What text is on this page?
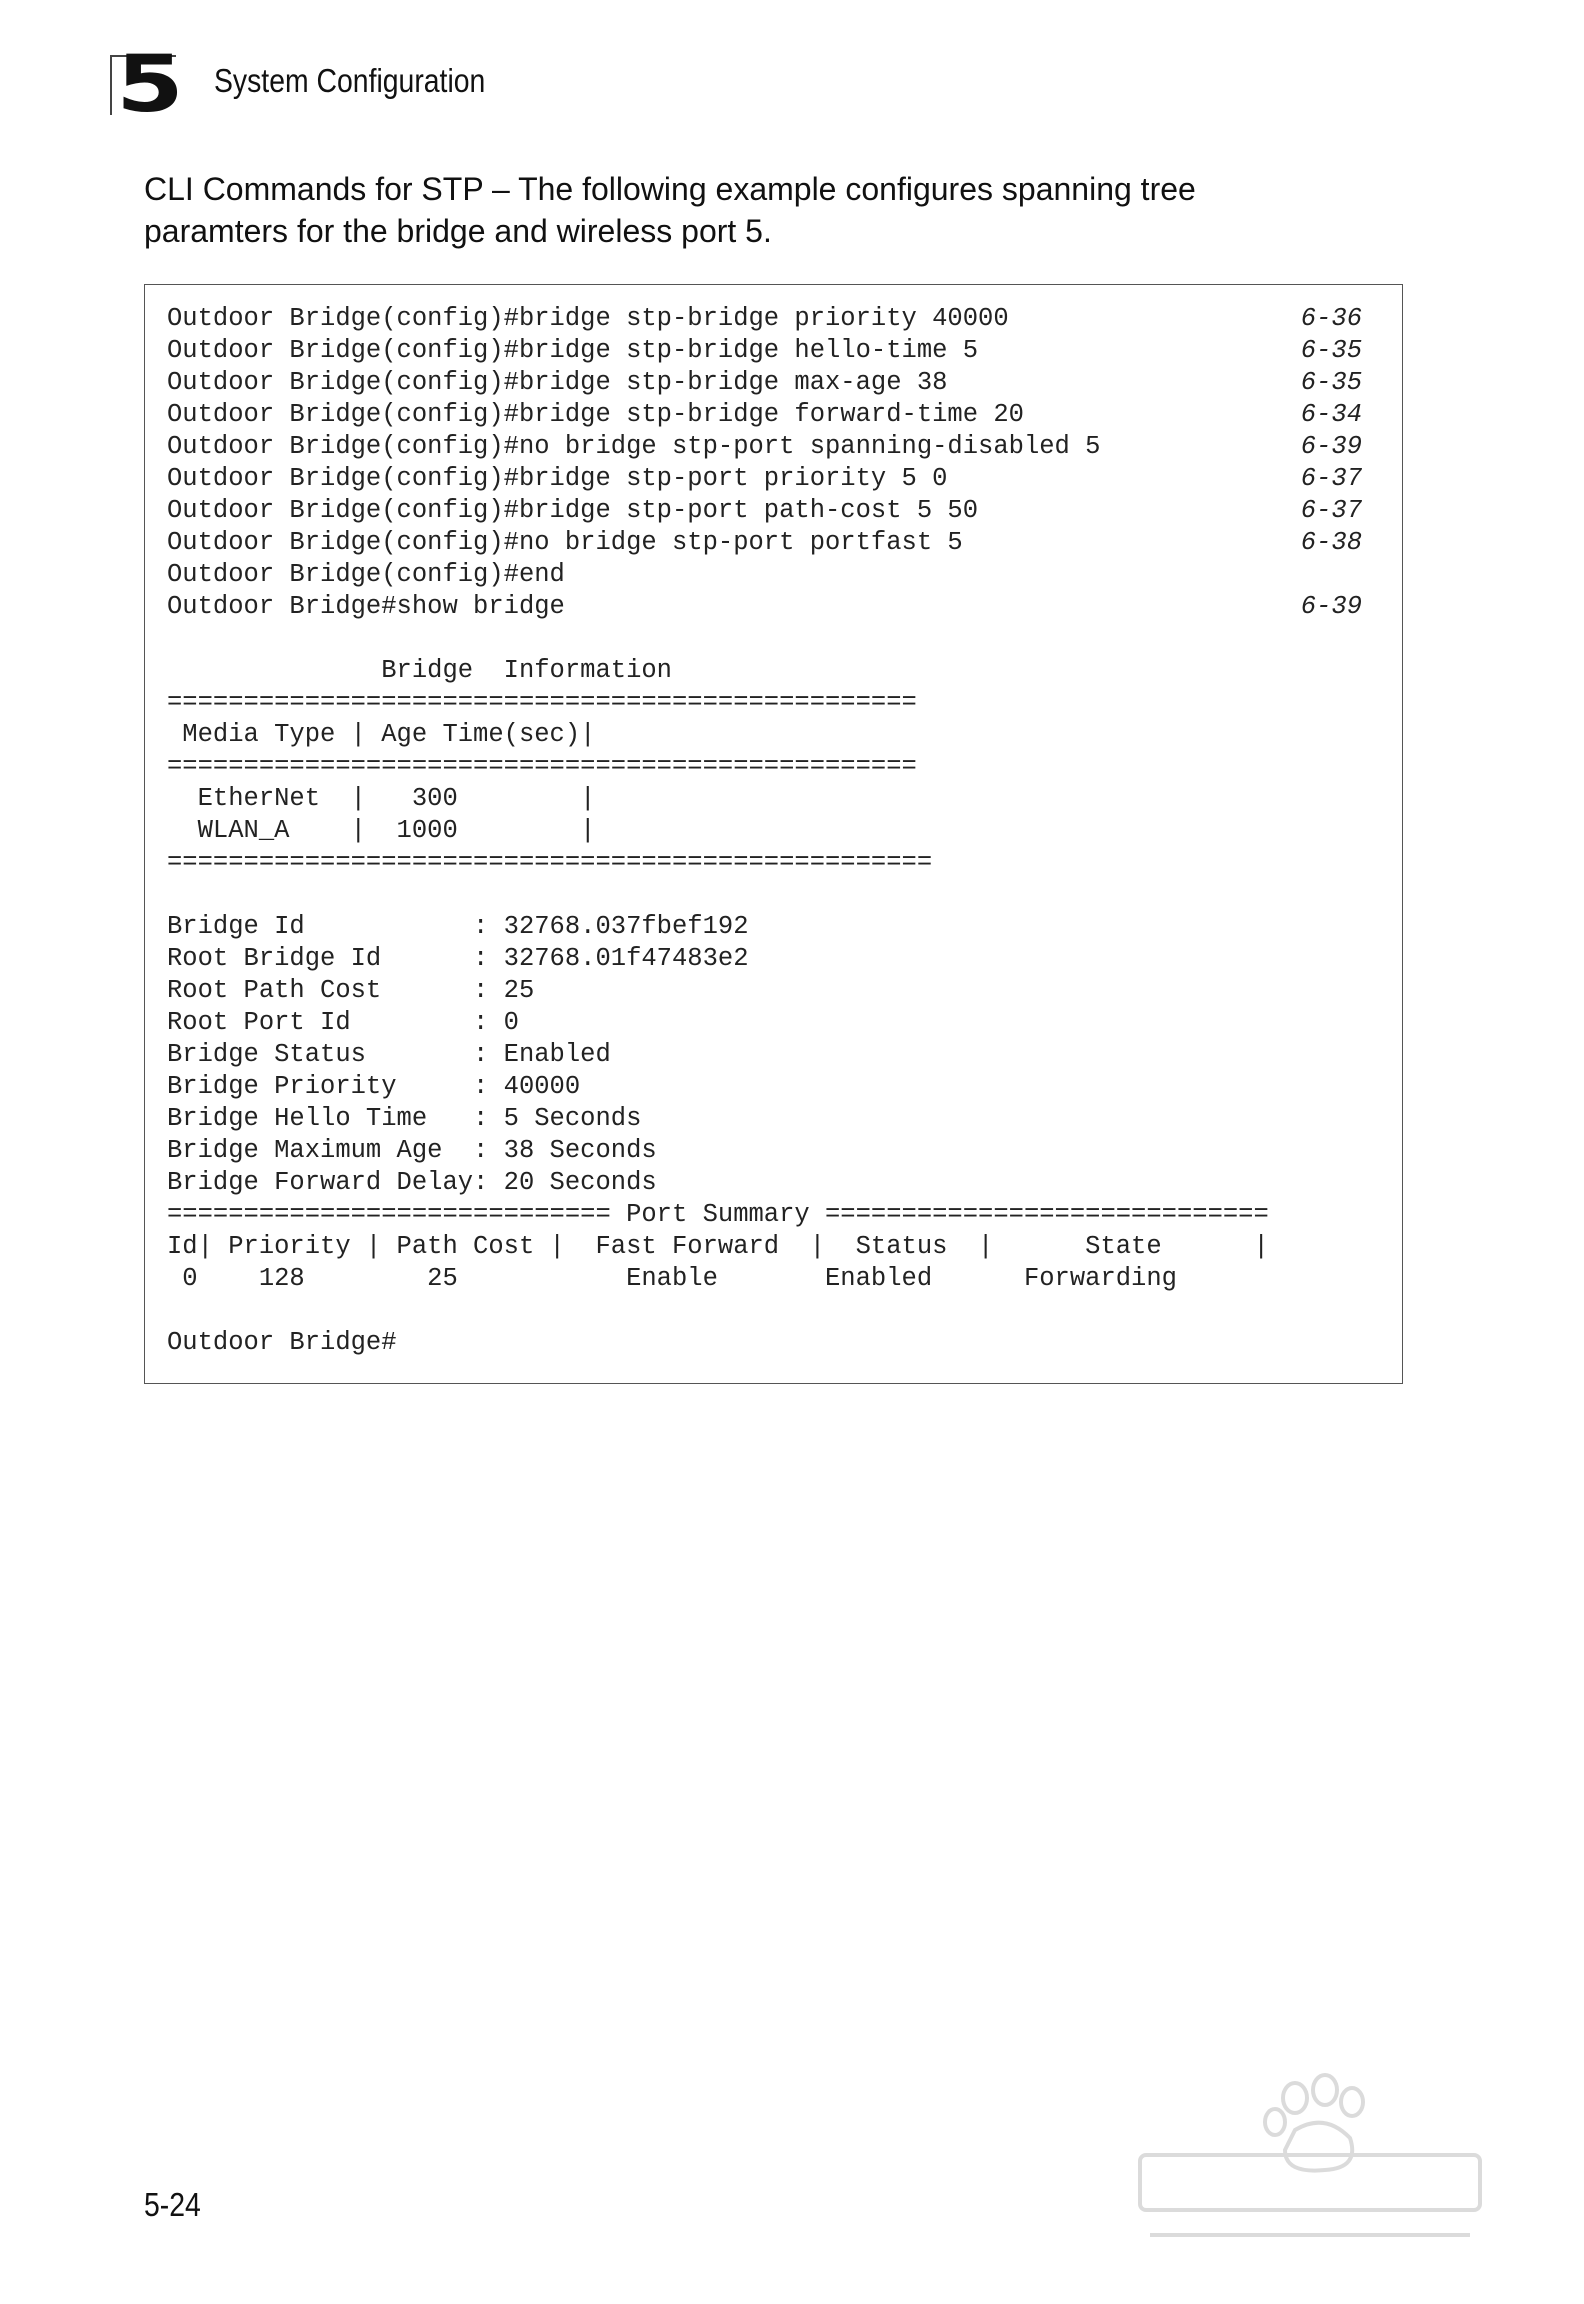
5 System Configuration
CLI Commands for STP – The following example configures spanning tree
paramters for the bridge and wireless port 5.
Outdoor Bridge(config)#bridge stp-bridge priority 40000	6-36
Outdoor Bridge(config)#bridge stp-bridge hello-time 5	6-35
Outdoor Bridge(config)#bridge stp-bridge max-age 38	6-35
Outdoor Bridge(config)#bridge stp-bridge forward-time 20	6-34
Outdoor Bridge(config)#no bridge stp-port spanning-disabled 5	6-39
Outdoor Bridge(config)#bridge stp-port priority 5 0	6-37
Outdoor Bridge(config)#bridge stp-port path-cost 5 50	6-37
Outdoor Bridge(config)#no bridge stp-port portfast 5	6-38
Outdoor Bridge(config)#end
Outdoor Bridge#show bridge	6-39
Bridge  Information
=================================================
Media Type | Age Time(sec)|
=================================================
EtherNet  |   300        |
WLAN_A    |  1000        |
==================================================
Bridge Id           : 32768.037fbef192
Root Bridge Id      : 32768.01f47483e2
Root Path Cost      : 25
Root Port Id        : 0
Bridge Status       : Enabled
Bridge Priority     : 40000
Bridge Hello Time   : 5 Seconds
Bridge Maximum Age  : 38 Seconds
Bridge Forward Delay: 20 Seconds
============================= Port Summary =============================
Id| Priority | Path Cost |  Fast Forward  |  Status  |      State      |
0    128        25           Enable       Enabled      Forwarding
Outdoor Bridge#
5-24
